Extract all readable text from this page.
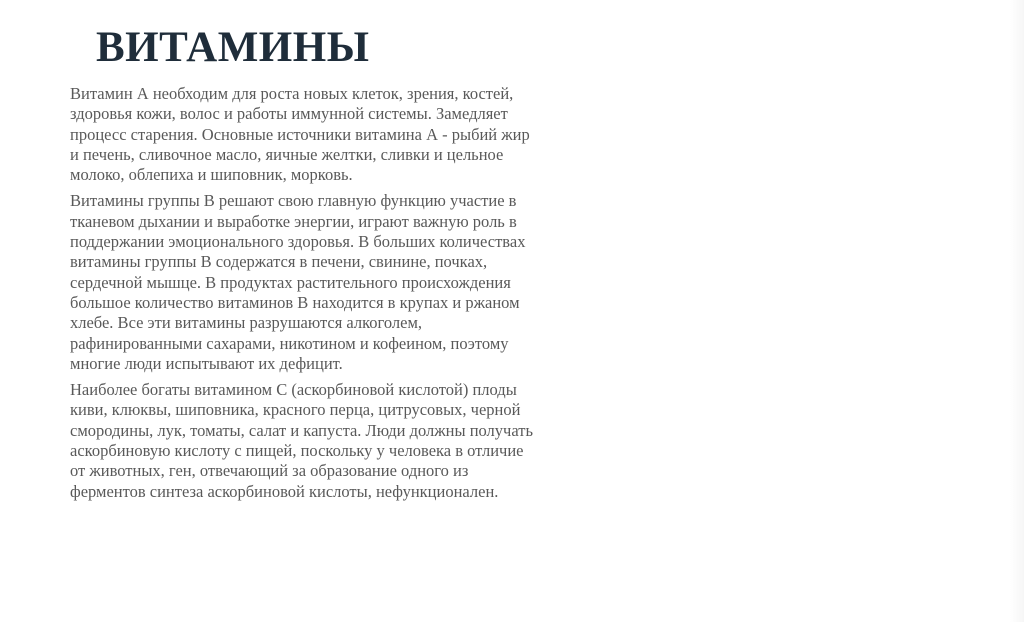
ВИТАМИНЫ

Витамин А необходим для роста новых клеток, зрения, костей, здоровья кожи, волос и работы иммунной системы. Замедляет процесс старения. Основные источники витамина А - рыбий жир и печень, сливочное масло, яичные желтки, сливки и цельное молоко, облепиха и шиповник, морковь.

Витамины группы В решают свою главную функцию участие в тканевом дыхании и выработке энергии, играют важную роль в поддержании эмоционального здоровья. В больших количествах витамины группы В содержатся в печени, свинине, почках, сердечной мышце. В продуктах растительного происхождения большое количество витаминов В находится в крупах и ржаном хлебе. Все эти витамины разрушаются алкоголем, рафинированными сахарами, никотином и кофеином, поэтому многие люди испытывают их дефицит.

Наиболее богаты витамином С (аскорбиновой кислотой) плоды киви, клюквы, шиповника, красного перца, цитрусовых, черной смородины, лук, томаты, салат и капуста. Люди должны получать аскорбиновую кислоту с пищей, поскольку у человека в отличие от животных, ген, отвечающий за образование одного из ферментов синтеза аскорбиновой кислоты, нефункционален.
